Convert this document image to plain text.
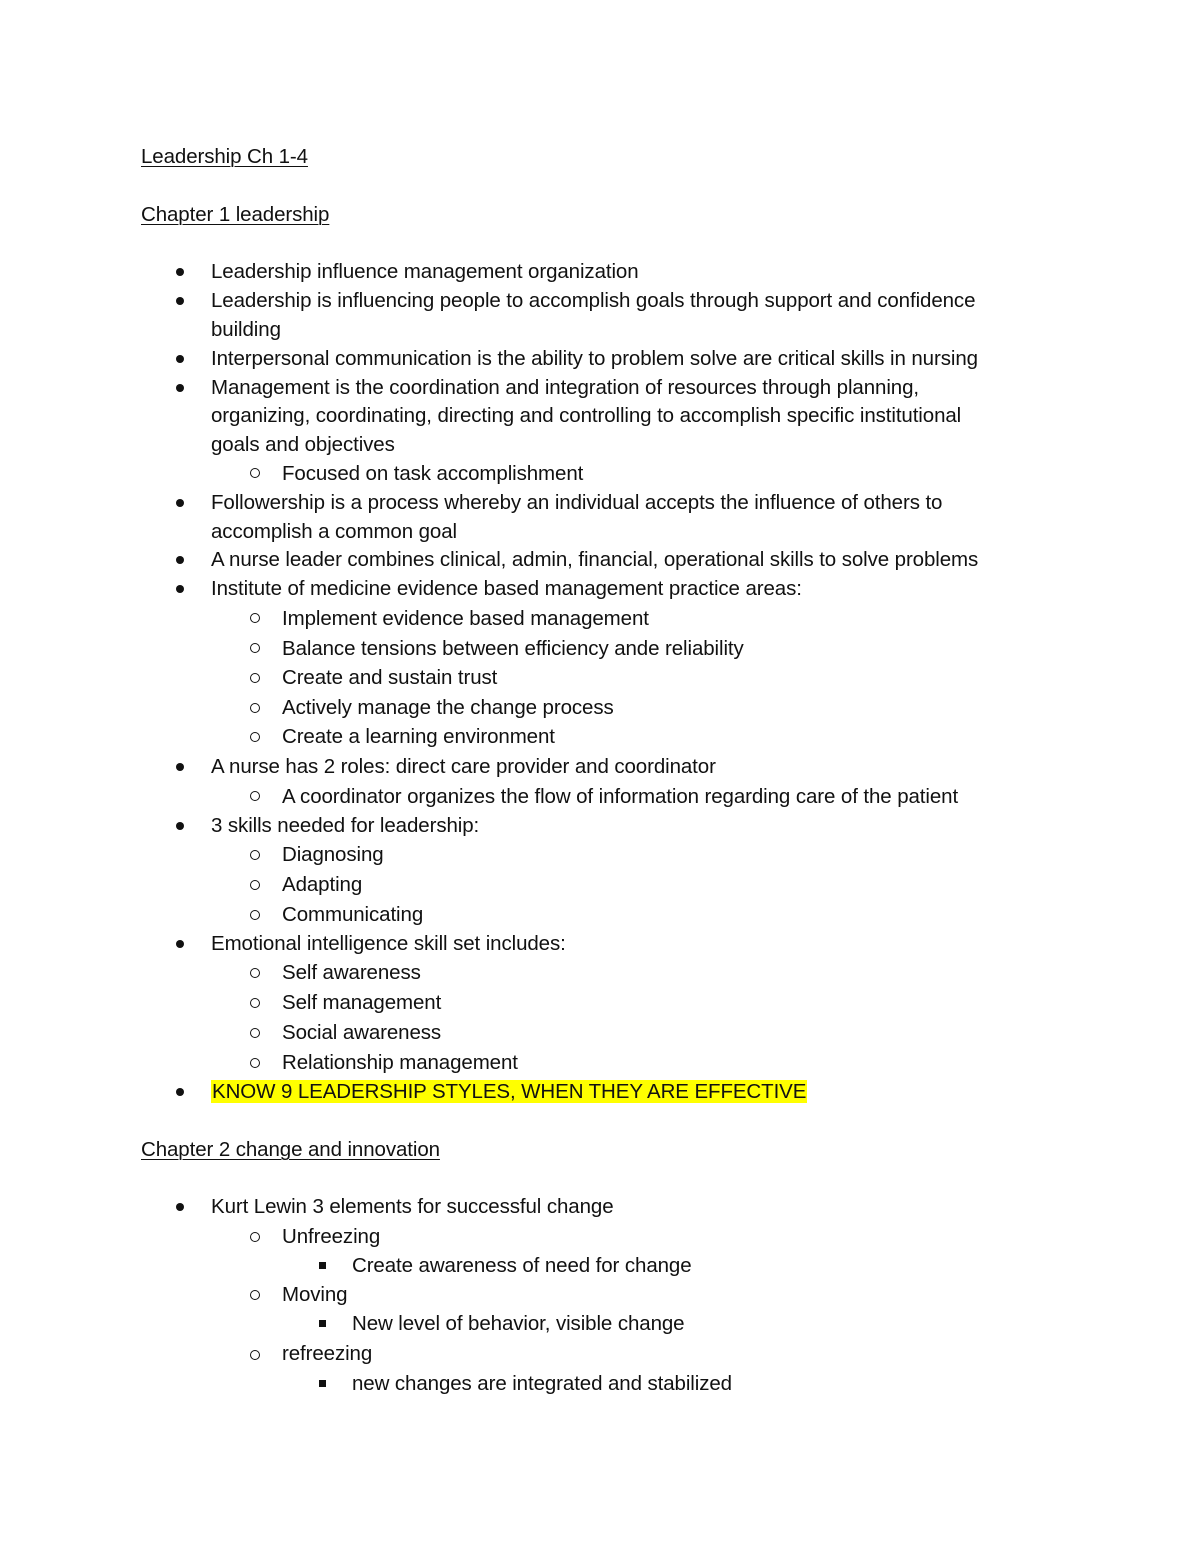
Leadership Ch 1-4
Chapter 1 leadership
Leadership influence management organization
Leadership is influencing people to accomplish goals through support and confidence
building
Interpersonal communication is the ability to problem solve are critical skills in nursing
Management is the coordination and integration of resources through planning,
organizing, coordinating, directing and controlling to accomplish specific institutional
goals and objectives
Focused on task accomplishment
Followership is a process whereby an individual accepts the influence of others to
accomplish a common goal
A nurse leader combines clinical, admin, financial, operational skills to solve problems
Institute of medicine evidence based management practice areas:
Implement evidence based management
Balance tensions between efficiency ande reliability
Create and sustain trust
Actively manage the change process
Create a learning environment
A nurse has 2 roles: direct care provider and coordinator
A coordinator organizes the flow of information regarding care of the patient
3 skills needed for leadership:
Diagnosing
Adapting
Communicating
Emotional intelligence skill set includes:
Self awareness
Self management
Social awareness
Relationship management
KNOW 9 LEADERSHIP STYLES, WHEN THEY ARE EFFECTIVE
Chapter 2 change and innovation
Kurt Lewin 3 elements for successful change
Unfreezing
Create awareness of need for change
Moving
New level of behavior, visible change
refreezing
new changes are integrated and stabilized
